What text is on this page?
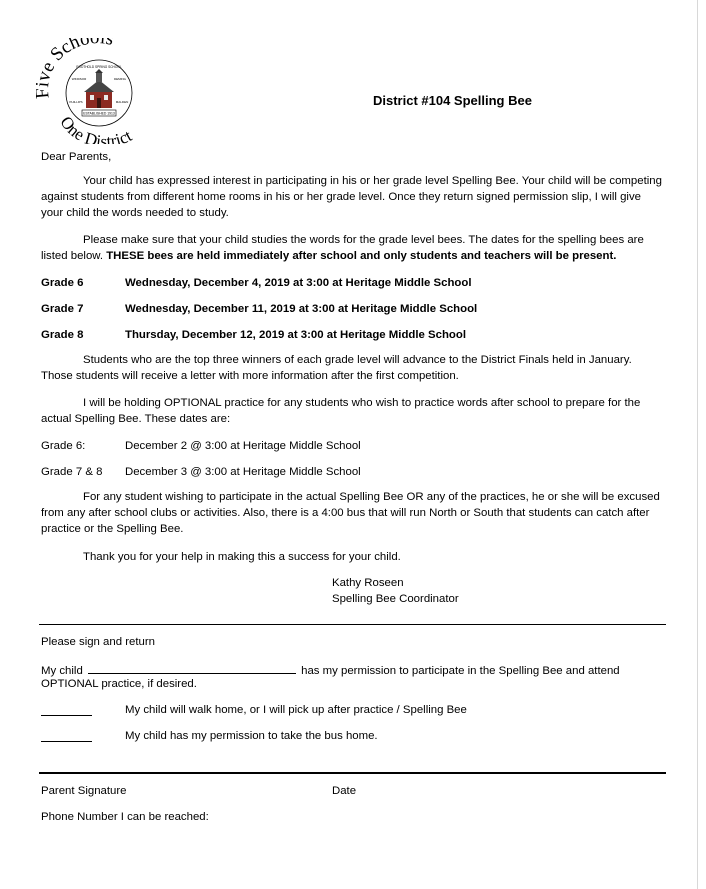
e Scho s
One District
FOOTHOLD SPRING SCHOOL
WINDSOR	DEMING
PHILLIPS	MALDEN
ESTABLISHED 1913
District #104 Spelling Bee
Dear Parents,
Your child has expressed interest in participating in his or her grade level Spelling Bee. Your child will be competing against students from different home rooms in his or her grade level. Once they return signed permission slip, I will give your child the words needed to study.
Please make sure that your child studies the words for the grade level bees. The dates for the spelling bees are listed below. THESE bees are held immediately after school and only students and teachers will be present.
Grade 6	Wednesday, December 4, 2019 at 3:00 at Heritage Middle School
Grade 7	Wednesday, December 11, 2019 at 3:00 at Heritage Middle School
Grade 8	Thursday, December 12, 2019 at 3:00 at Heritage Middle School
Students who are the top three winners of each grade level will advance to the District Finals held in January. Those students will receive a letter with more information after the first competition.
I will be holding OPTIONAL practice for any students who wish to practice words after school to prepare for the actual Spelling Bee. These dates are:
Grade 6:	December 2 @ 3:00 at Heritage Middle School
Grade 7 & 8 December 3 @ 3:00 at Heritage Middle School
For any student wishing to participate in the actual Spelling Bee OR any of the practices, he or she will be excused from any after school clubs or activities. Also, there is a 4:00 bus that will run North or South that students can catch after practice or the Spelling Bee.
Thank you for your help in making this a success for your child.
Kathy Roseen
Spelling Bee Coordinator
Please sign and return
My child	has my permission to participate in the Spelling Bee and attend
OPTIONAL practice, if desired.
My child will walk home, or I will pick up after practice / Spelling Bee
My child has my permission to take the bus home.
Parent Signature	Date
Phone Number I can be reached:
